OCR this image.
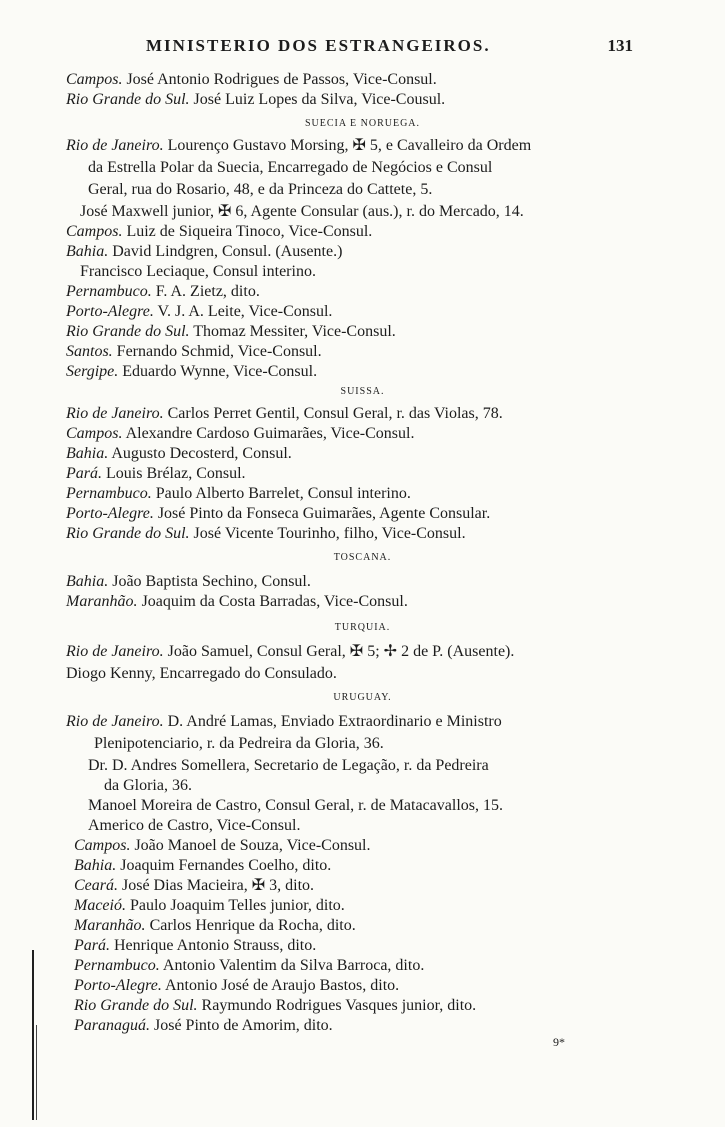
MINISTERIO DOS ESTRANGEIROS.	131
Campos. José Antonio Rodrigues de Passos, Vice-Consul.
Rio Grande do Sul. José Luiz Lopes da Silva, Vice-Cousul.
SUECIA E NORUEGA.
Rio de Janeiro. Lourenço Gustavo Morsing, ✠ 5, e Cavalleiro da Ordem
da Estrella Polar da Suecia, Encarregado de Negócios e Consul
Geral, rua do Rosario, 48, e da Princeza do Cattete, 5.
José Maxwell junior, ✠ 6, Agente Consular (aus.), r. do Mercado, 14.
Campos. Luiz de Siqueira Tinoco, Vice-Consul.
Bahia. David Lindgren, Consul. (Ausente.)
Francisco Leciaque, Consul interino.
Pernambuco. F. A. Zietz, dito.
Porto-Alegre. V. J. A. Leite, Vice-Consul.
Rio Grande do Sul. Thomaz Messiter, Vice-Consul.
Santos. Fernando Schmid, Vice-Consul.
Sergipe. Eduardo Wynne, Vice-Consul.
SUISSA.
Rio de Janeiro. Carlos Perret Gentil, Consul Geral, r. das Violas, 78.
Campos. Alexandre Cardoso Guimarães, Vice-Consul.
Bahia. Augusto Decosterd, Consul.
Pará. Louis Brélaz, Consul.
Pernambuco. Paulo Alberto Barrelet, Consul interino.
Porto-Alegre. José Pinto da Fonseca Guimarães, Agente Consular.
Rio Grande do Sul. José Vicente Tourinho, filho, Vice-Consul.
TOSCANA.
Bahia. João Baptista Sechino, Consul.
Maranhão. Joaquim da Costa Barradas, Vice-Consul.
TURQUIA.
Rio de Janeiro. João Samuel, Consul Geral, ✠ 5; ✢ 2 de P. (Ausente).
Diogo Kenny, Encarregado do Consulado.
URUGUAY.
Rio de Janeiro. D. André Lamas, Enviado Extraordinario e Ministro
Plenipotenciario, r. da Pedreira da Gloria, 36.
Dr. D. Andres Somellera, Secretario de Legação, r. da Pedreira
da Gloria, 36.
Manoel Moreira de Castro, Consul Geral, r. de Matacavallos, 15.
Americo de Castro, Vice-Consul.
Campos. João Manoel de Souza, Vice-Consul.
Bahia. Joaquim Fernandes Coelho, dito.
Ceará. José Dias Macieira, ✠ 3, dito.
Maceió. Paulo Joaquim Telles junior, dito.
Maranhão. Carlos Henrique da Rocha, dito.
Pará. Henrique Antonio Strauss, dito.
Pernambuco. Antonio Valentim da Silva Barroca, dito.
Porto-Alegre. Antonio José de Araujo Bastos, dito.
Rio Grande do Sul. Raymundo Rodrigues Vasques junior, dito.
Paranaguá. José Pinto de Amorim, dito.
9*
